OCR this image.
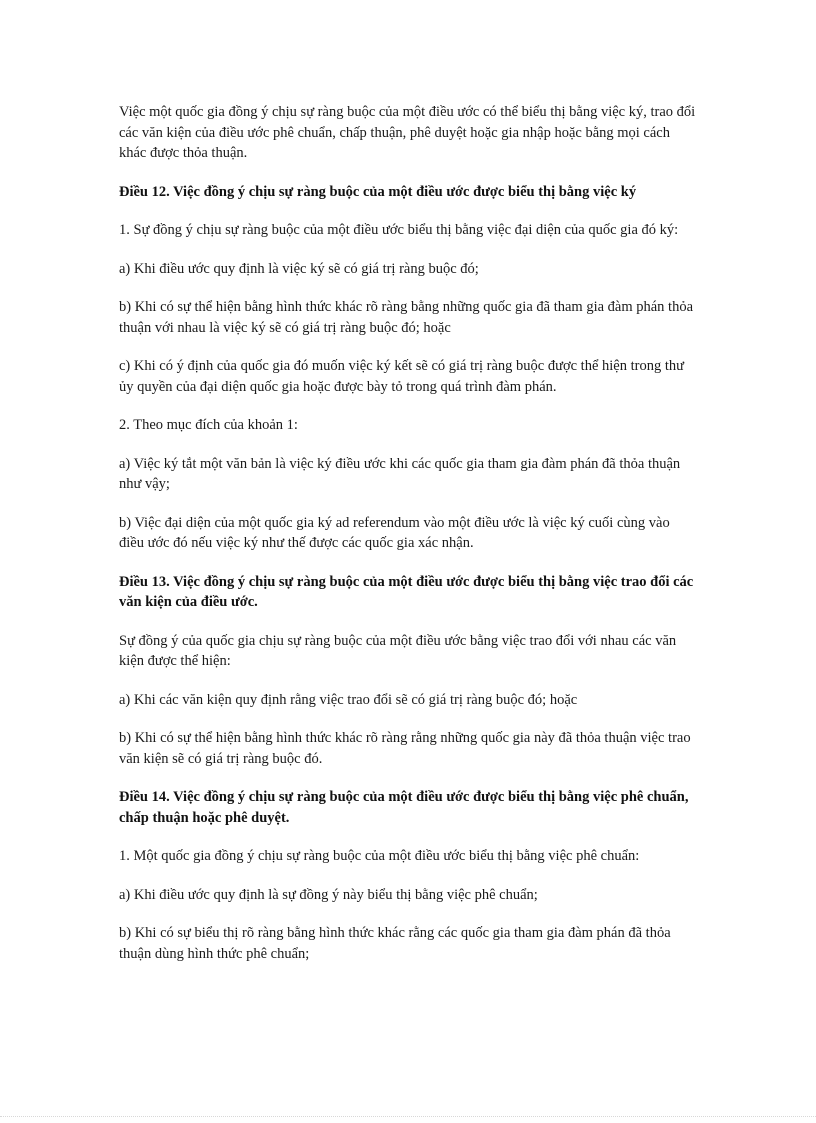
Việc một quốc gia đồng ý chịu sự ràng buộc của một điều ước có thể biểu thị bằng việc ký, trao đổi các văn kiện của điều ước phê chuẩn, chấp thuận, phê duyệt hoặc gia nhập hoặc bằng mọi cách khác được thỏa thuận.

Điều 12. Việc đồng ý chịu sự ràng buộc của một điều ước được biểu thị bằng việc ký

1. Sự đồng ý chịu sự ràng buộc của một điều ước biểu thị bằng việc đại diện của quốc gia đó ký:

a) Khi điều ước quy định là việc ký sẽ có giá trị ràng buộc đó;

b) Khi có sự thể hiện bằng hình thức khác rõ ràng bằng những quốc gia đã tham gia đàm phán thỏa thuận với nhau là việc ký sẽ có giá trị ràng buộc đó; hoặc

c) Khi có ý định của quốc gia đó muốn việc ký kết sẽ có giá trị ràng buộc được thể hiện trong thư ủy quyền của đại diện quốc gia hoặc được bày tỏ trong quá trình đàm phán.

2. Theo mục đích của khoản 1:

a) Việc ký tắt một văn bản là việc ký điều ước khi các quốc gia tham gia đàm phán đã thỏa thuận như vậy;

b) Việc đại diện của một quốc gia ký ad referendum vào một điều ước là việc ký cuối cùng vào điều ước đó nếu việc ký như thế được các quốc gia xác nhận.

Điều 13. Việc đồng ý chịu sự ràng buộc của một điều ước được biểu thị bằng việc trao đổi các văn kiện của điều ước.

Sự đồng ý của quốc gia chịu sự ràng buộc của một điều ước bằng việc trao đổi với nhau các văn kiện được thể hiện:

a) Khi các văn kiện quy định rằng việc trao đổi sẽ có giá trị ràng buộc đó; hoặc

b) Khi có sự thể hiện bằng hình thức khác rõ ràng rằng những quốc gia này đã thỏa thuận việc trao văn kiện sẽ có giá trị ràng buộc đó.

Điều 14. Việc đồng ý chịu sự ràng buộc của một điều ước được biểu thị bằng việc phê chuẩn, chấp thuận hoặc phê duyệt.

1. Một quốc gia đồng ý chịu sự ràng buộc của một điều ước biểu thị bằng việc phê chuẩn:

a) Khi điều ước quy định là sự đồng ý này biểu thị bằng việc phê chuẩn;

b) Khi có sự biểu thị rõ ràng bằng hình thức khác rằng các quốc gia tham gia đàm phán đã thỏa thuận dùng hình thức phê chuẩn;
